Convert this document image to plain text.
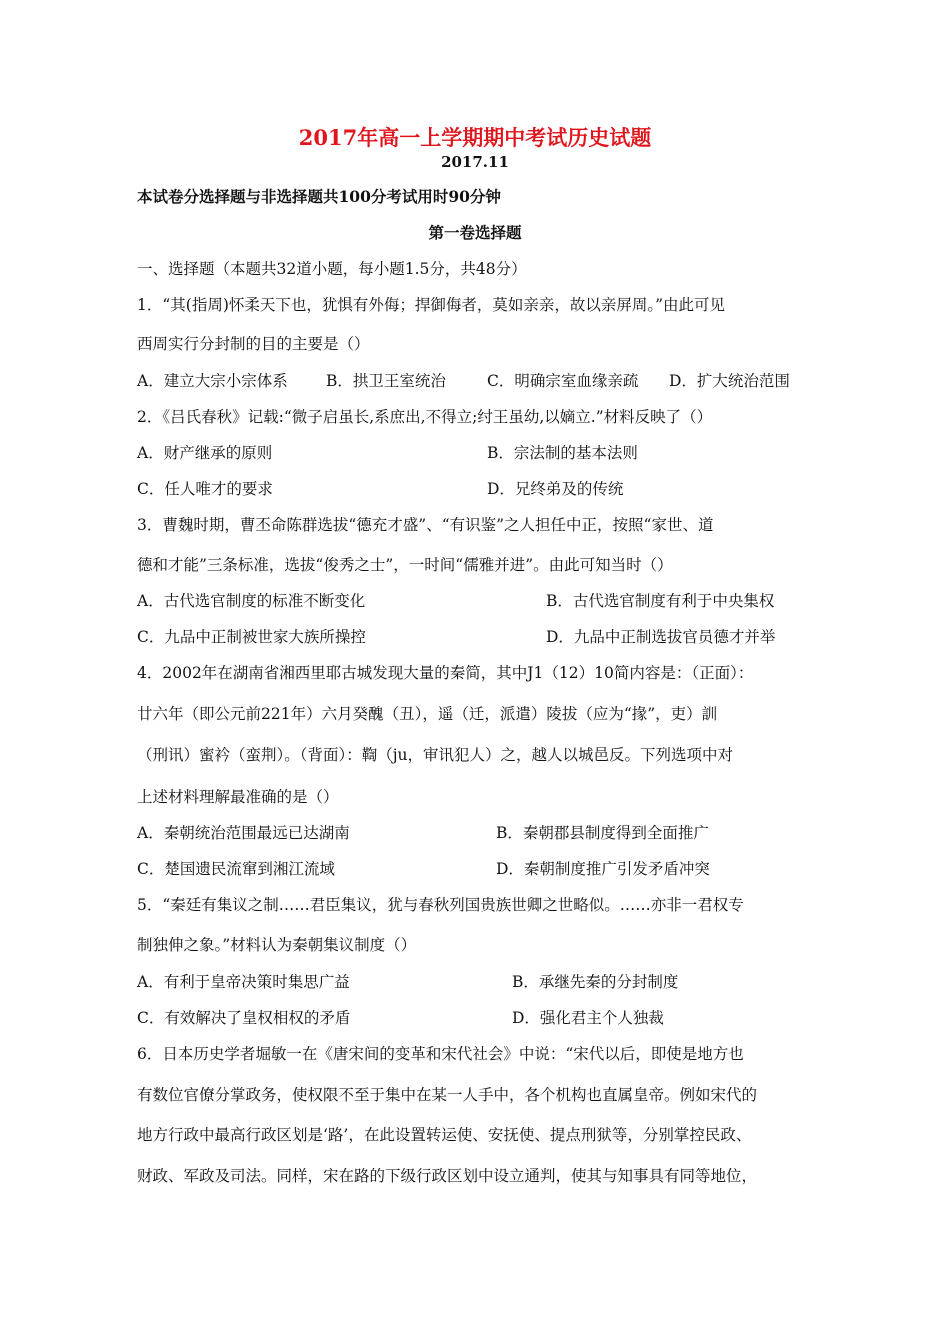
2017年高一上学期期中考试历史试题
2017.11
本试卷分选择题与非选择题共100分考试用时90分钟
第一卷选择题
一、选择题（本题共32道小题，每小题1.5分，共48分）
1．“其(指周)怀柔天下也，犹惧有外侮；捍御侮者，莫如亲亲，故以亲屏周。”由此可见
西周实行分封制的目的主要是（）
A．建立大宗小宗体系 B．拱卫王室统治	C．明确宗室血缘亲疏 D．扩大统治范围
2．《吕氏春秋》记载:“微子启虽长,系庶出,不得立;纣王虽幼,以嫡立.”材料反映了（）
A．财产继承的原则	B．宗法制的基本法则
C．任人唯才的要求	D．兄终弟及的传统
3．曹魏时期，曹丕命陈群选拔“德充才盛”、“有识鉴”之人担任中正，按照“家世、道
德和才能”三条标准，选拔“俊秀之士”，一时间“儒雅并进”。由此可知当时（）
A．古代选官制度的标准不断变化	B．古代选官制度有利于中央集权
C．九品中正制被世家大族所操控	D．九品中正制选拔官员德才并举
4．2002年在湖南省湘西里耶古城发现大量的秦简，其中J1（12）10简内容是：（正面）：
廿六年（即公元前221年）六月癸醜（丑），遥（迁，派遣）陵拔（应为“掾”，吏）訓
（刑讯）蜜衿（蛮荆）。（背面）：鞫（ju，审讯犯人）之，越人以城邑反。下列选项中对
上述材料理解最准确的是（）
A．秦朝统治范围最远已达湖南	B．秦朝郡县制度得到全面推广
C．楚国遗民流窜到湘江流域	D．秦朝制度推广引发矛盾冲突
5．“秦廷有集议之制……君臣集议，犹与春秋列国贵族世卿之世略似。……亦非一君权专
制独伸之象。”材料认为秦朝集议制度（）
A．有利于皇帝决策时集思广益	B．承继先秦的分封制度
C．有效解决了皇权相权的矛盾	D．强化君主个人独裁
6．日本历史学者堀敏一在《唐宋间的变革和宋代社会》中说：“宋代以后，即使是地方也
有数位官僚分掌政务，使权限不至于集中在某一人手中，各个机构也直属皇帝。例如宋代的
地方行政中最高行政区划是‘路’，在此设置转运使、安抚使、提点刑狱等，分别掌控民政、
财政、军政及司法。同样，宋在路的下级行政区划中设立通判，使其与知事具有同等地位，
